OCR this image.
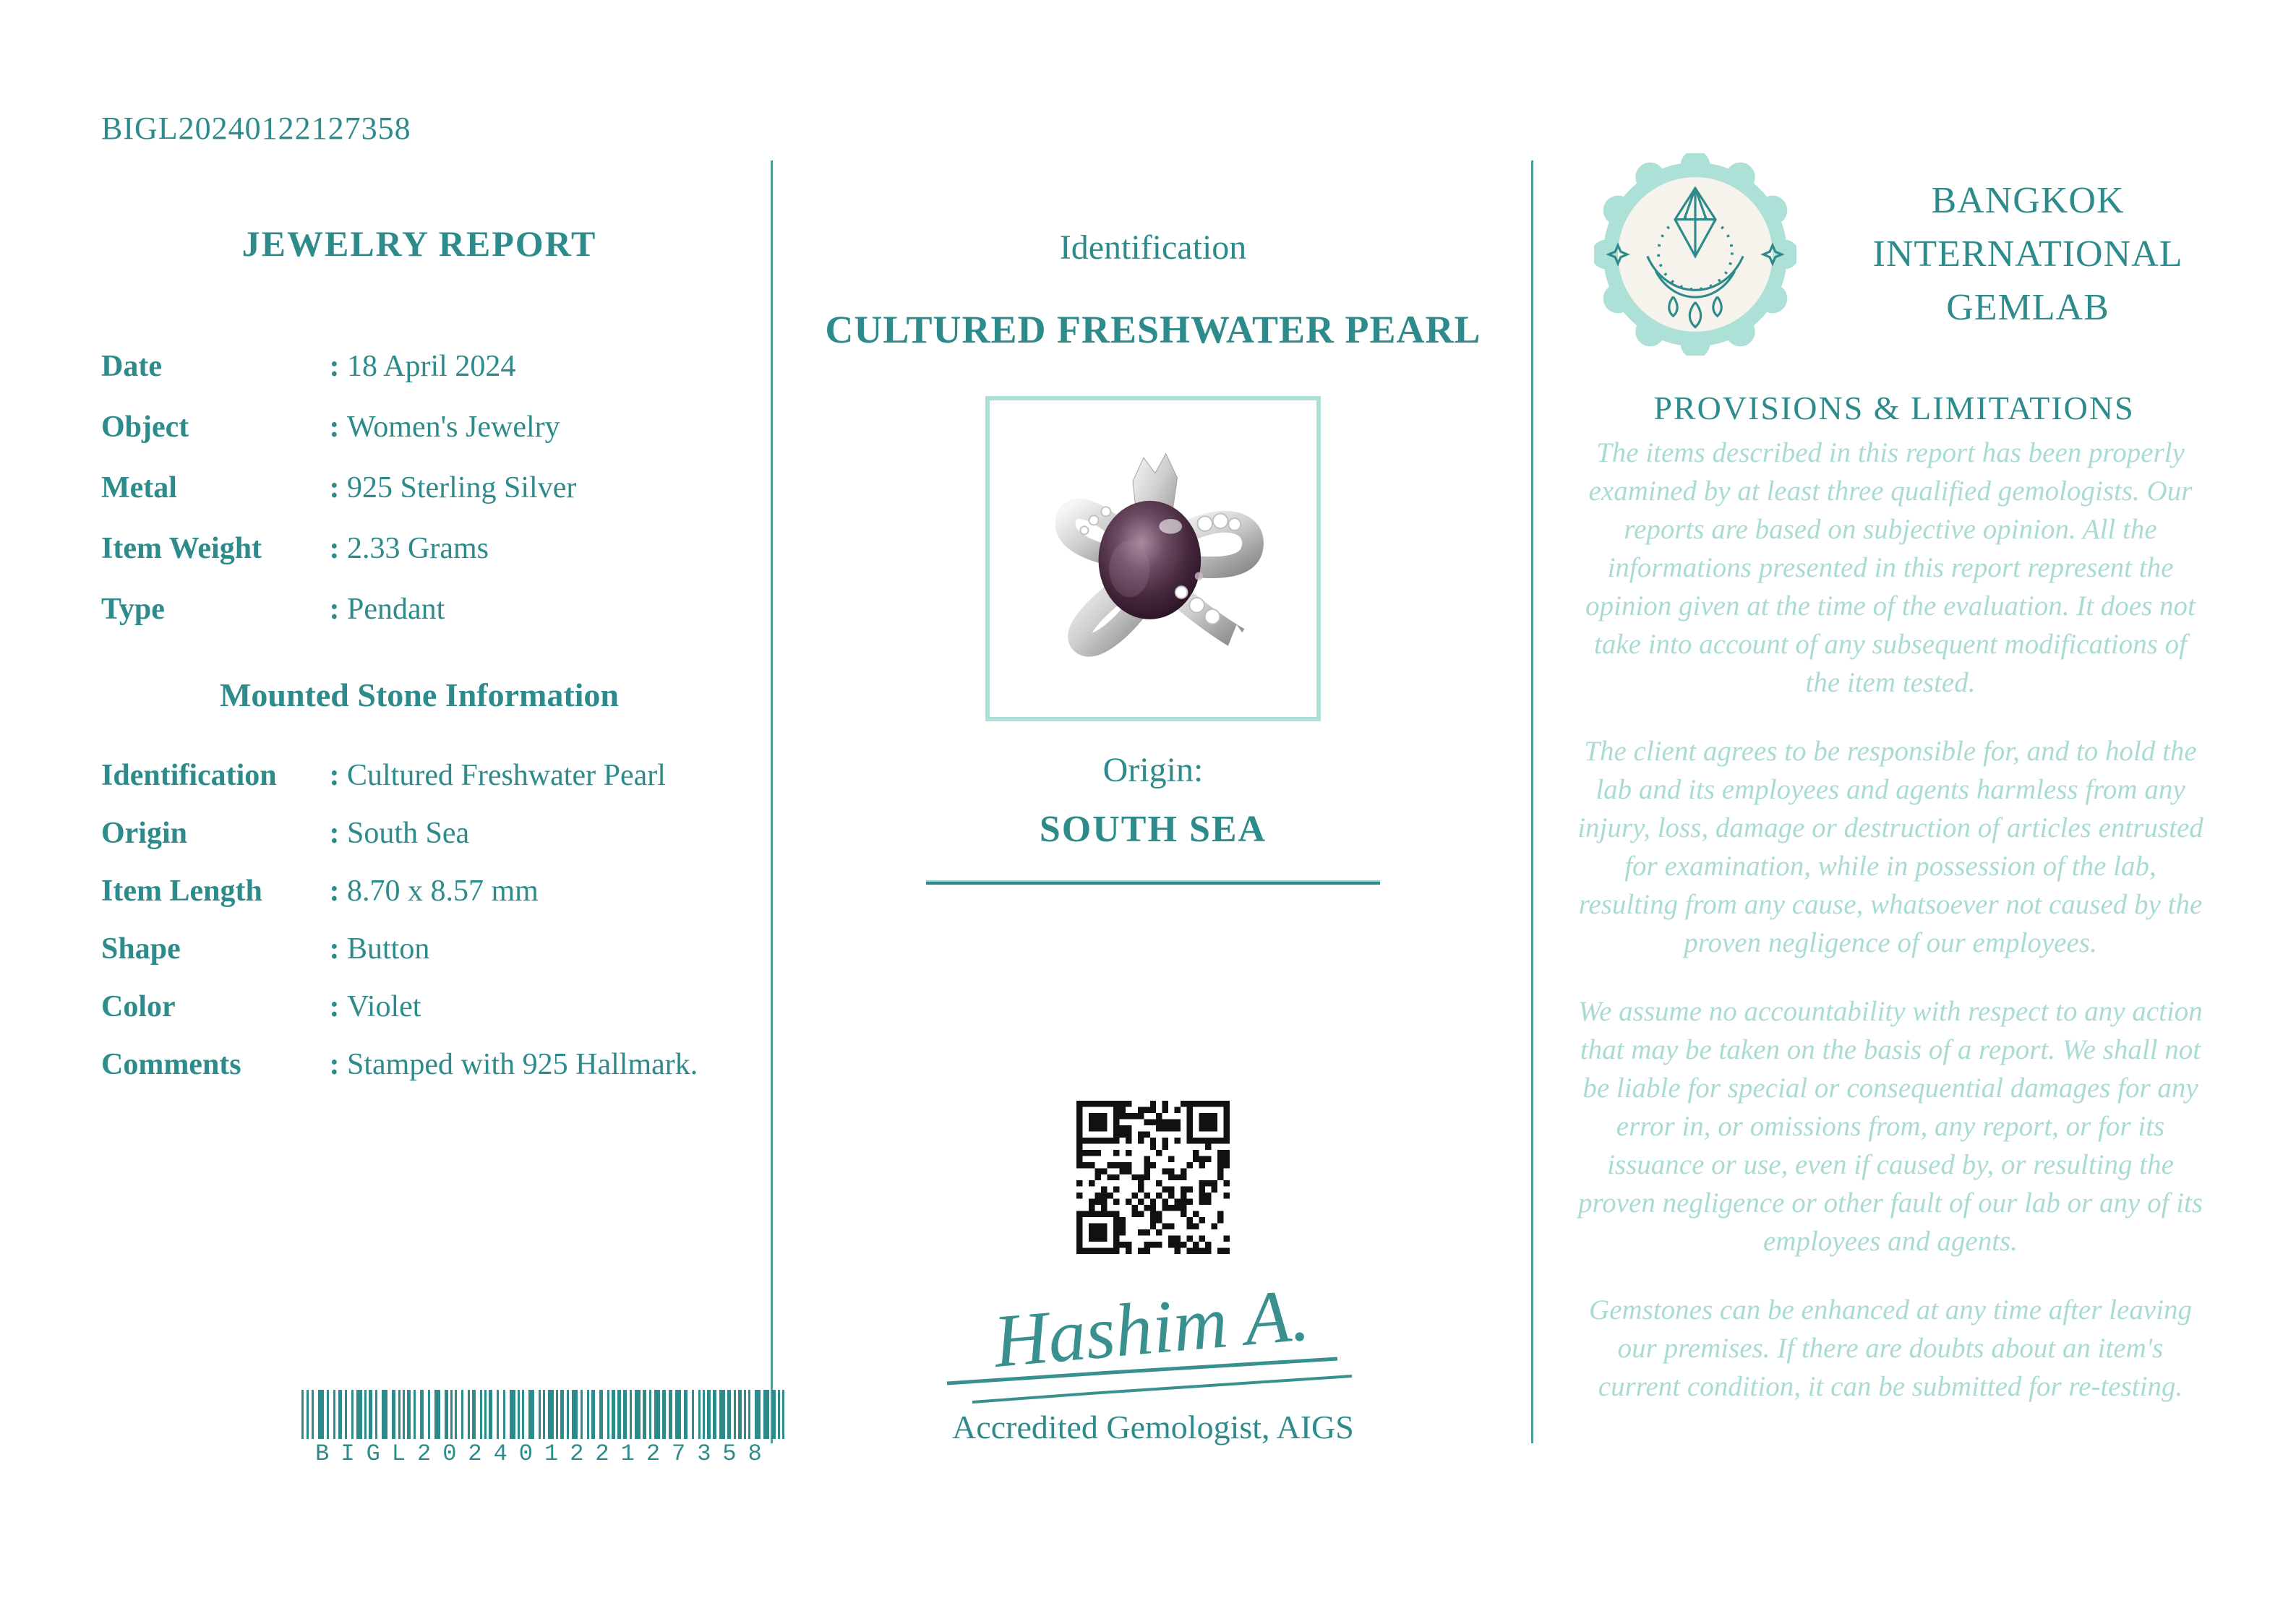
BIGL20240122127358
JEWELRY REPORT
Date	: 18 April 2024
Object	: Women's Jewelry
Metal	: 925 Sterling Silver
Item Weight	: 2.33 Grams
Type	: Pendant
Mounted Stone Information
Identification	: Cultured Freshwater Pearl
Origin	: South Sea
Item Length	: 8.70 x 8.57 mm
Shape	: Button
Color	: Violet
Comments	: Stamped with 925 Hallmark.
BIGL20240122127358
Identification
CULTURED FRESHWATER PEARL
Origin:
SOUTH SEA
Hashim A.
Accredited Gemologist, AIGS
BANGKOK
INTERNATIONAL
GEMLAB
PROVISIONS & LIMITATIONS

The items described in this report has been properly examined by at least three qualified gemologists. Our reports are based on subjective opinion. All the informations presented in this report represent the opinion given at the time of the evaluation. It does not take into account of any subsequent modifications of the item tested.

The client agrees to be responsible for, and to hold the lab and its employees and agents harmless from any injury, loss, damage or destruction of articles entrusted for examination, while in possession of the lab, resulting from any cause, whatsoever not caused by the proven negligence of our employees.

We assume no accountability with respect to any action that may be taken on the basis of a report. We shall not be liable for special or consequential damages for any error in, or omissions from, any report, or for its issuance or use, even if caused by, or resulting the proven negligence or other fault of our lab or any of its employees and agents.

Gemstones can be enhanced at any time after leaving our premises. If there are doubts about an item's current condition, it can be submitted for re-testing.
